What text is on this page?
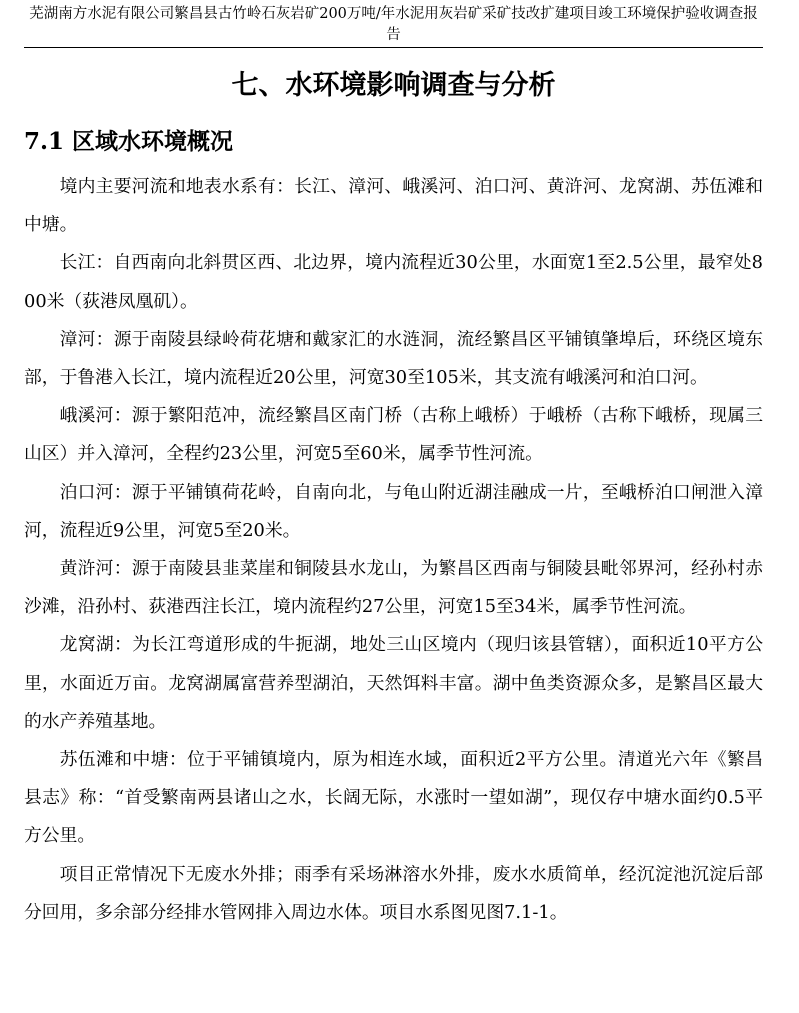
芜湖南方水泥有限公司繁昌县古竹岭石灰岩矿200万吨/年水泥用灰岩矿采矿技改扩建项目竣工环境保护验收调查报告
七、水环境影响调查与分析
7.1 区域水环境概况

境内主要河流和地表水系有：长江、漳河、峨溪河、泊口河、黄浒河、龙窝湖、苏伍滩和中塘。

长江：自西南向北斜贯区西、北边界，境内流程近30公里，水面宽1至2.5公里，最窄处800米（荻港凤凰矶）。

漳河：源于南陵县绿岭荷花塘和戴家汇的水涟洞，流经繁昌区平铺镇肇埠后，环绕区境东部，于鲁港入长江，境内流程近20公里，河宽30至105米，其支流有峨溪河和泊口河。

峨溪河：源于繁阳范冲，流经繁昌区南门桥（古称上峨桥）于峨桥（古称下峨桥，现属三山区）并入漳河，全程约23公里，河宽5至60米，属季节性河流。

泊口河：源于平铺镇荷花岭，自南向北，与龟山附近湖洼融成一片，至峨桥泊口闸泄入漳河，流程近9公里，河宽5至20米。

黄浒河：源于南陵县韭菜崖和铜陵县水龙山，为繁昌区西南与铜陵县毗邻界河，经孙村赤沙滩，沿孙村、荻港西注长江，境内流程约27公里，河宽15至34米，属季节性河流。

龙窝湖：为长江弯道形成的牛扼湖，地处三山区境内（现归该县管辖），面积近10平方公里，水面近万亩。龙窝湖属富营养型湖泊，天然饵料丰富。湖中鱼类资源众多，是繁昌区最大的水产养殖基地。

苏伍滩和中塘：位于平铺镇境内，原为相连水域，面积近2平方公里。清道光六年《繁昌县志》称：“首受繁南两县诸山之水，长阔无际，水涨时一望如湖”，现仅存中塘水面约0.5平方公里。

项目正常情况下无废水外排；雨季有采场淋溶水外排，废水水质简单，经沉淀池沉淀后部分回用，多余部分经排水管网排入周边水体。项目水系图见图7.1-1。
